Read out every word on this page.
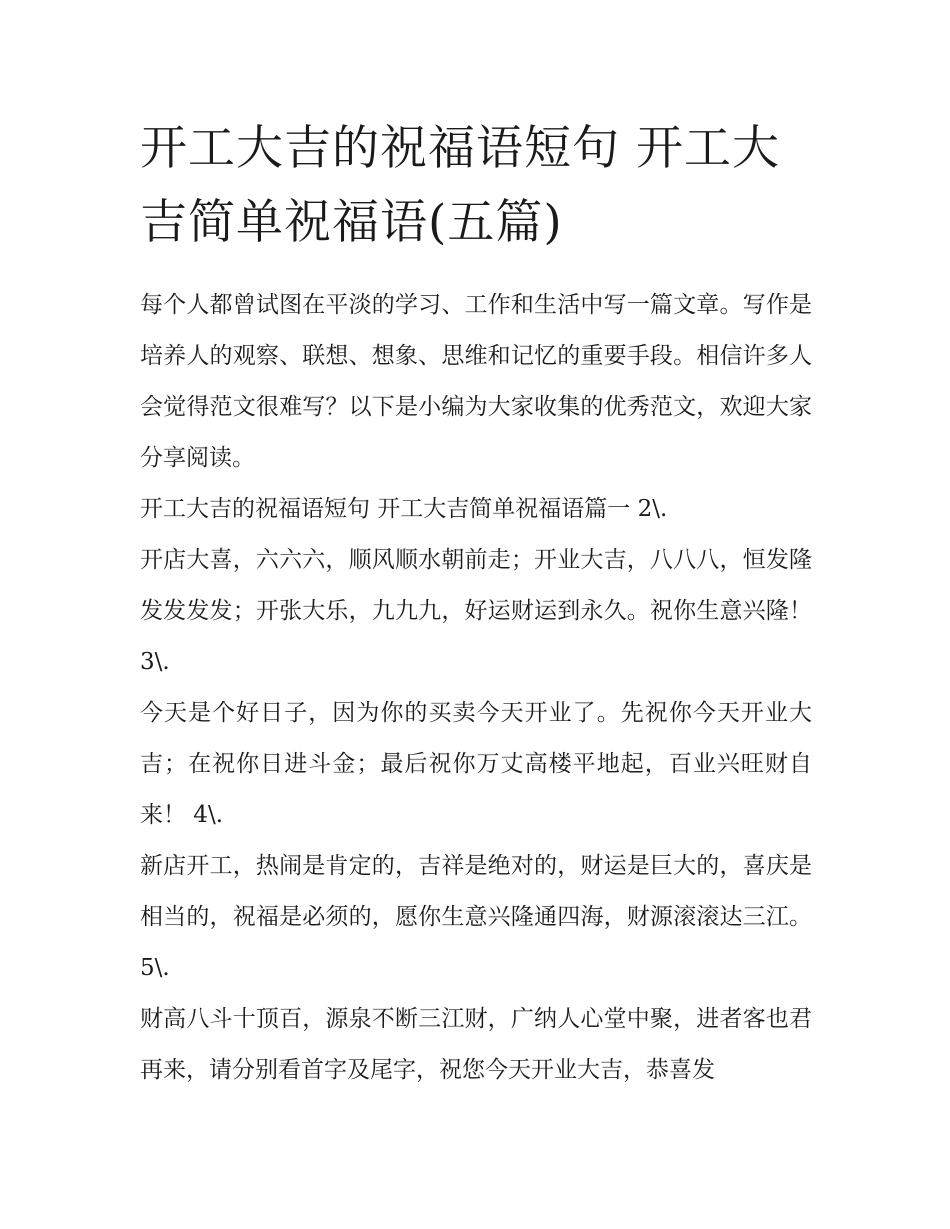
开工大吉的祝福语短句 开工大吉简单祝福语(五篇)

每个人都曾试图在平淡的学习、工作和生活中写一篇文章。写作是培养人的观察、联想、想象、思维和记忆的重要手段。相信许多人会觉得范文很难写？以下是小编为大家收集的优秀范文，欢迎大家分享阅读。

开工大吉的祝福语短句 开工大吉简单祝福语篇一 2\.

开店大喜，六六六，顺风顺水朝前走；开业大吉，八八八，恒发隆发发发发；开张大乐，九九九，好运财运到永久。祝你生意兴隆！ 3\.

今天是个好日子，因为你的买卖今天开业了。先祝你今天开业大吉；在祝你日进斗金；最后祝你万丈高楼平地起，百业兴旺财自来！ 4\.

新店开工，热闹是肯定的，吉祥是绝对的，财运是巨大的，喜庆是相当的，祝福是必须的，愿你生意兴隆通四海，财源滚滚达三江。 5\.

财高八斗十顶百，源泉不断三江财，广纳人心堂中聚，进者客也君再来，请分别看首字及尾字，祝您今天开业大吉，恭喜发
